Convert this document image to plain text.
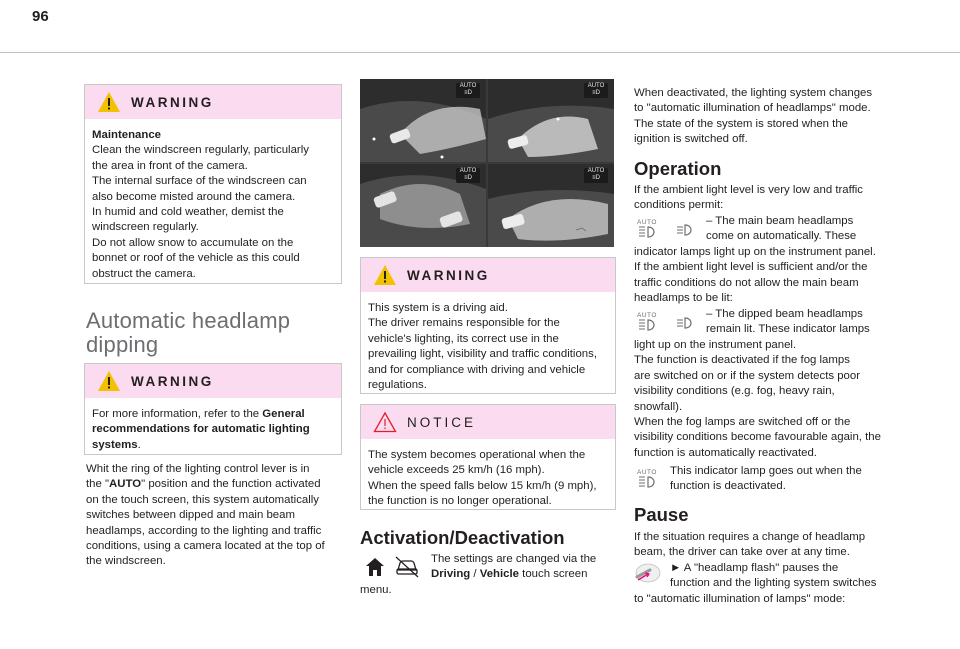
96
WARNING
Maintenance
Clean the windscreen regularly, particularly
the area in front of the camera.
The internal surface of the windscreen can
also become misted around the camera.
In humid and cold weather, demist the
windscreen regularly.
Do not allow snow to accumulate on the
bonnet or roof of the vehicle as this could
obstruct the camera.
Automatic headlamp
dipping
WARNING
For more information, refer to the General
recommendations for automatic lighting
systems.
Whit the ring of the lighting control lever is in
the "AUTO" position and the function activated
on the touch screen, this system automatically
switches between dipped and main beam
headlamps, according to the lighting and traffic
conditions, using a camera located at the top of
the windscreen.
AUTO
≡D
AUTO
≡D
AUTO
≡D
AUTO
≡D
WARNING
This system is a driving aid.
The driver remains responsible for the
vehicle's lighting, its correct use in the
prevailing light, visibility and traffic conditions,
and for compliance with driving and vehicle
regulations.
NOTICE
The system becomes operational when the
vehicle exceeds 25 km/h (16 mph).
When the speed falls below 15 km/h (9 mph),
the function is no longer operational.
Activation/Deactivation
The settings are changed via the
Driving / Vehicle touch screen
menu.
When deactivated, the lighting system changes
to "automatic illumination of headlamps" mode.
The state of the system is stored when the
ignition is switched off.
Operation
If the ambient light level is very low and traffic
conditions permit:
– The main beam headlamps
come on automatically. These
indicator lamps light up on the instrument panel.
If the ambient light level is sufficient and/or the
traffic conditions do not allow the main beam
headlamps to be lit:
– The dipped beam headlamps
remain lit. These indicator lamps
light up on the instrument panel.
The function is deactivated if the fog lamps
are switched on or if the system detects poor
visibility conditions (e.g. fog, heavy rain,
snowfall).
When the fog lamps are switched off or the
visibility conditions become favourable again, the
function is automatically reactivated.
This indicator lamp goes out when the
function is deactivated.
Pause
If the situation requires a change of headlamp
beam, the driver can take over at any time.
► A "headlamp flash" pauses the
function and the lighting system switches
to "automatic illumination of lamps" mode:
